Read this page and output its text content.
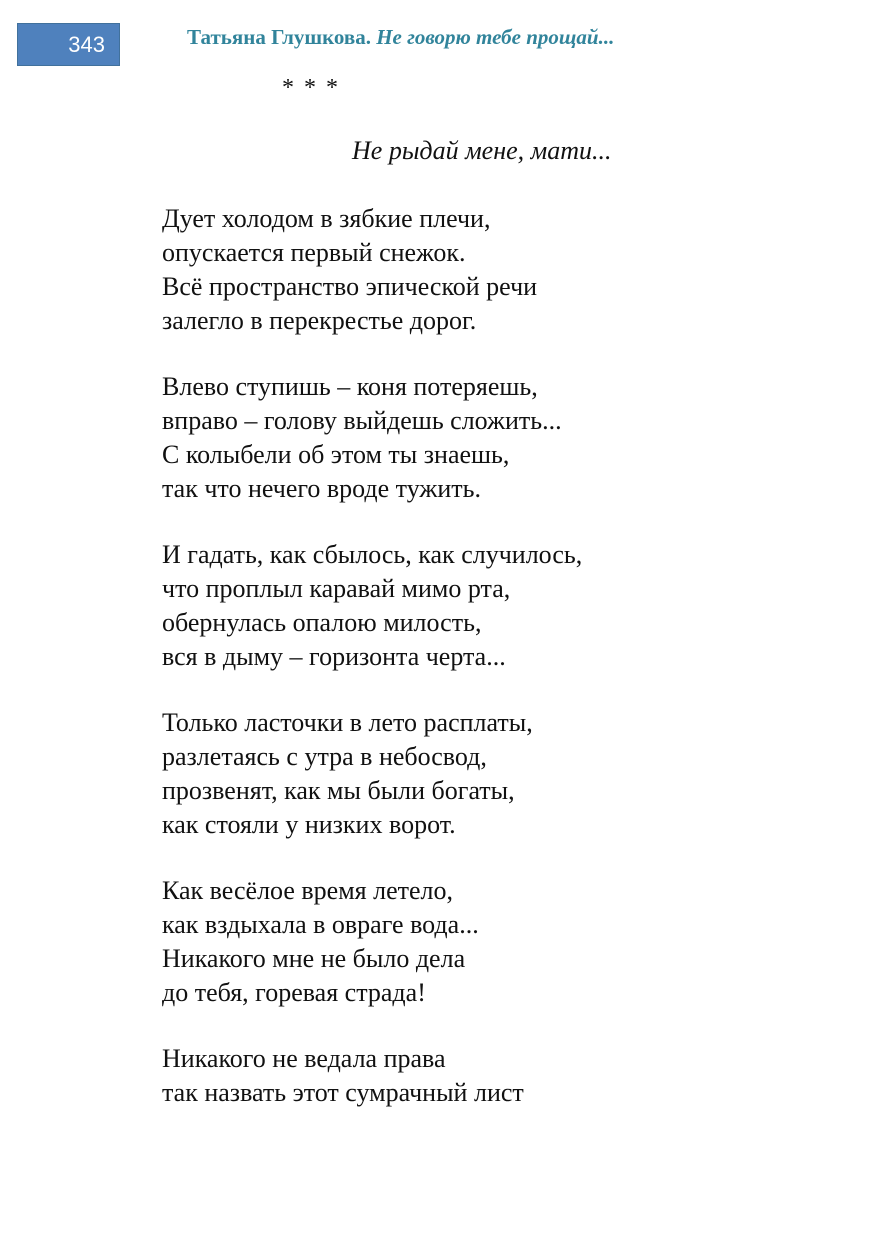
343	Татьяна Глушкова. Не говорю тебе прощай...
* * *
Не рыдай мене, мати...
Дует холодом в зябкие плечи,
опускается первый снежок.
Всё пространство эпической речи
залегло в перекрестье дорог.
Влево ступишь – коня потеряешь,
вправо – голову выйдешь сложить...
С колыбели об этом ты знаешь,
так что нечего вроде тужить.
И гадать, как сбылось, как случилось,
что проплыл каравай мимо рта,
обернулась опалою милость,
вся в дыму – горизонта черта...
Только ласточки в лето расплаты,
разлетаясь с утра в небосвод,
прозвенят, как мы были богаты,
как стояли у низких ворот.
Как весёлое время летело,
как вздыхала в овраге вода...
Никакого мне не было дела
до тебя, горевая страда!
Никакого не ведала права
так назвать этот сумрачный лист
